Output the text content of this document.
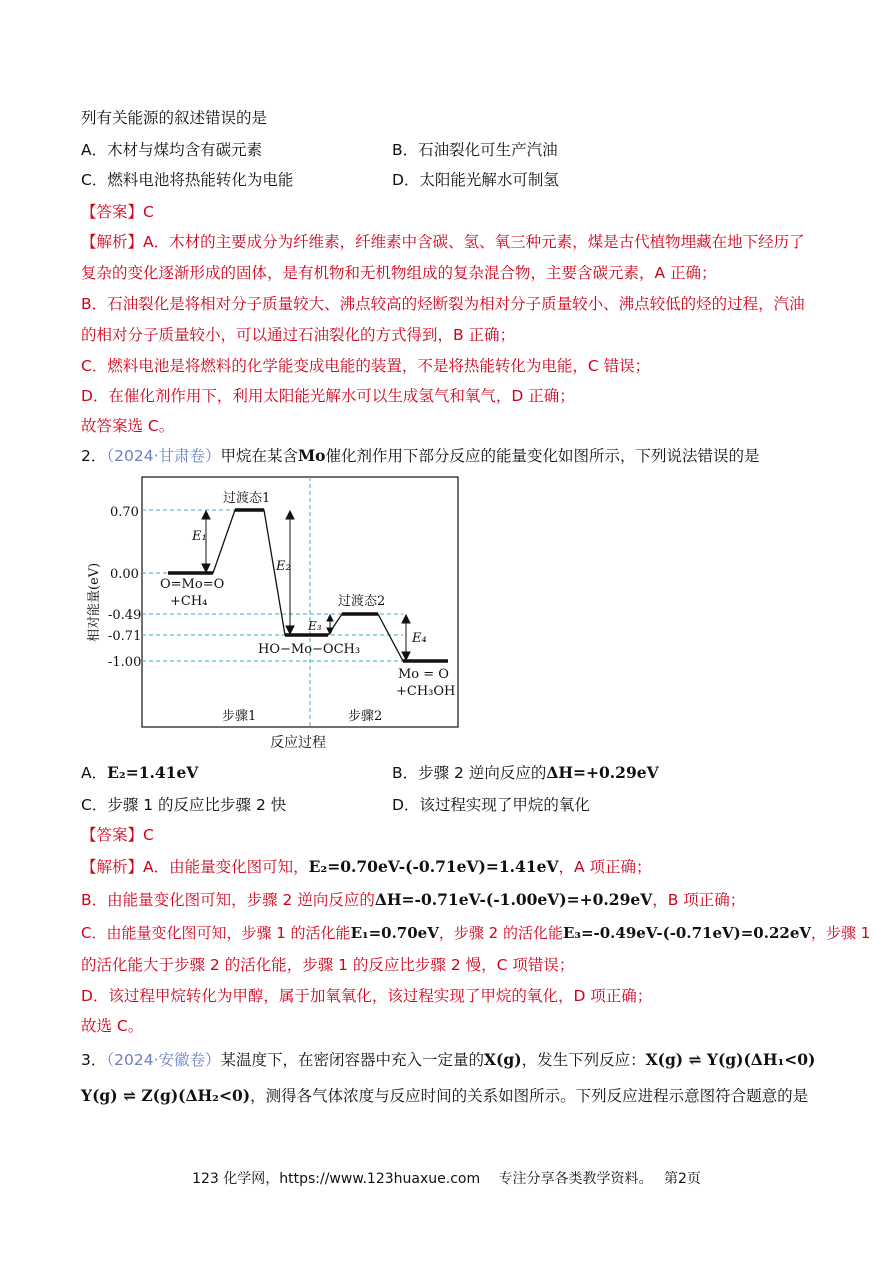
列有关能源的叙述错误的是
A．木材与煤均含有碳元素	B．石油裂化可生产汽油
C．燃料电池将热能转化为电能	D．太阳能光解水可制氢
【答案】C
【解析】A．木材的主要成分为纤维素，纤维素中含碳、氢、氧三种元素，煤是古代植物埋藏在地下经历了
复杂的变化逐渐形成的固体，是有机物和无机物组成的复杂混合物，主要含碳元素，A 正确；
B．石油裂化是将相对分子质量较大、沸点较高的烃断裂为相对分子质量较小、沸点较低的烃的过程，汽油
的相对分子质量较小，可以通过石油裂化的方式得到，B 正确；
C．燃料电池是将燃料的化学能变成电能的装置，不是将热能转化为电能，C 错误；
D．在催化剂作用下，利用太阳能光解水可以生成氢气和氧气，D 正确；
故答案选 C。
2．（2024·甘肃卷）甲烷在某含Mo催化剂作用下部分反应的能量变化如图所示，下列说法错误的是
0.70
0.00
-0.49
-0.71
-1.00
相对能量(eV)
E₁
E₂
E₃
E₄
过渡态1
过渡态2
O=Mo=O
+CH₄
HO−Mo−OCH₃
Mo = O
+CH₃OH
步骤1	步骤2
反应过程
A．E₂=1.41eV	B．步骤 2 逆向反应的ΔH=+0.29eV
C．步骤 1 的反应比步骤 2 快	D．该过程实现了甲烷的氧化
【答案】C
【解析】A．由能量变化图可知，E₂=0.70eV-(-0.71eV)=1.41eV，A 项正确；
B．由能量变化图可知，步骤 2 逆向反应的ΔH=-0.71eV-(-1.00eV)=+0.29eV，B 项正确；
C．由能量变化图可知，步骤 1 的活化能E₁=0.70eV，步骤 2 的活化能E₃=-0.49eV-(-0.71eV)=0.22eV，步骤 1
的活化能大于步骤 2 的活化能，步骤 1 的反应比步骤 2 慢，C 项错误；
D．该过程甲烷转化为甲醇，属于加氧氧化，该过程实现了甲烷的氧化，D 项正确；
故选 C。
3．（2024·安徽卷）某温度下，在密闭容器中充入一定量的X(g)，发生下列反应：X(g) ⇌ Y(g)(ΔH₁<0)
Y(g) ⇌ Z(g)(ΔH₂<0)，测得各气体浓度与反应时间的关系如图所示。下列反应进程示意图符合题意的是
123 化学网，https://www.123huaxue.com　 专注分享各类教学资料。　 第2页
